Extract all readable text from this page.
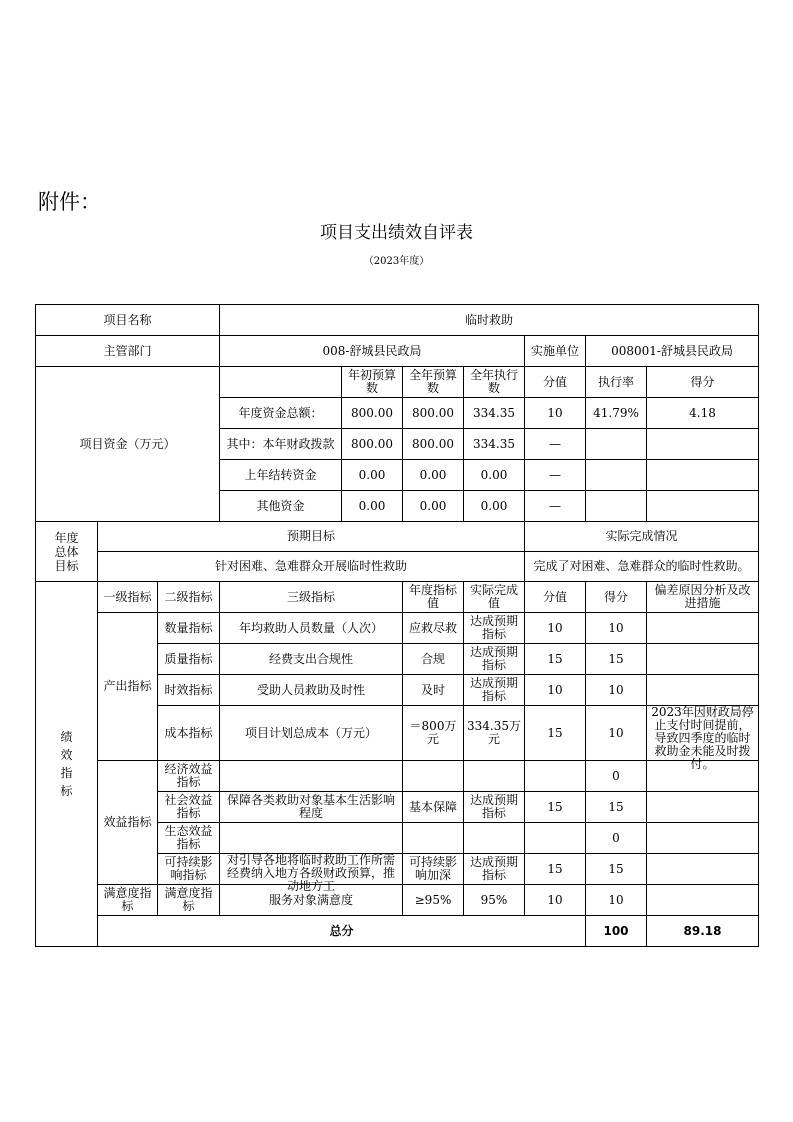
附件：
项目支出绩效自评表
（2023年度）
项目名称			临时救助							
主管部门			008-舒城县民政局				实施单位	008001-舒城县民政局		
项目资金（万元）				年初预算数	全年预算数	全年执行数	分值	执行率	得分	
			年度资金总额：	800.00	800.00	334.35	10	41.79%	4.18	
			其中：本年财政拨款	800.00	800.00	334.35	—			
			上年结转资金	0.00	0.00	0.00	—			
			其他资金	0.00	0.00	0.00	—			

年度总体目标	预期目标						实际完成情况			
	针对困难、急难群众开展临时性救助						完成了对困难、急难群众的临时性救助。			

绩效指标	一级指标	二级指标	三级指标		年度指标值	实际完成值	分值	得分	偏差原因分析及改进措施	
	产出指标	数量指标	年均救助人员数量（人次）		应救尽救	达成预期指标	10	10		
		质量指标	经费支出合规性		合规	达成预期指标	15	15		
		时效指标	受助人员救助及时性		及时	达成预期指标	10	10		
		成本指标	项目计划总成本（万元）		＝800万元	334.35万元	15	10	2023年因财政局停止支付时间提前，导致四季度的临时救助金未能及时拨付。	

	效益指标	经济效益指标						0		
		社会效益指标	保障各类救助对象基本生活影响程度		基本保障	达成预期指标	15	15		
		生态效益指标						0		
		可持续影响指标	对引导各地将临时救助工作所需经费纳入地方各级财政预算，推动地方工		可持续影响加深	达成预期指标	15	15		
	满意度指标	满意度指标	服务对象满意度		≥95%	95%	10	10		
	总分							100	89.18	
